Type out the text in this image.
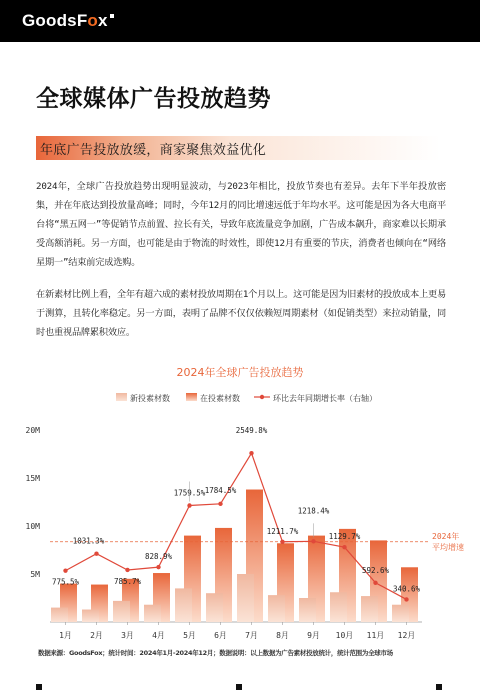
GoodsFox
全球媒体广告投放趋势
年底广告投放放缓，商家聚焦效益优化
2024年，全球广告投放趋势出现明显波动，与2023年相比，投放节奏也有差异。去年下半年投放密集，并在年底达到投放量高峰；同时，今年12月的同比增速远低于年均水平。这可能是因为各大电商平台将“黑五网一”等促销节点前置、拉长有关，导致年底流量竞争加剧，广告成本飙升，商家难以长期承受高额消耗。另一方面，也可能是由于物流的时效性，即使12月有重要的节庆，消费者也倾向在“网络星期一”结束前完成选购。
在新素材比例上看，全年有超六成的素材投放周期在1个月以上。这可能是因为旧素材的投放成本上更易于测算，且转化率稳定。另一方面，表明了品牌不仅仅依赖短周期素材（如促销类型）来拉动销量，同时也重视品牌累积效应。
2024年全球广告投放趋势
新投素材数	在投素材数	环比去年同期增长率（右轴）
5M
10M
15M
20M
1月 2月 3月 4月 5月 6月 7月 8月 9月 10月 11月 12月
2024年
平均增速
775.5%
1031.3%
785.7%
828.9%
1759.5% 1784.5%
2549.8%
1211.7%
1218.4%
1129.7%
592.6%
340.6%
数据来源：GoodsFox；统计时间：2024年1月-2024年12月；数据说明：以上数据为广告素材投放统计，统计范围为全球市场
